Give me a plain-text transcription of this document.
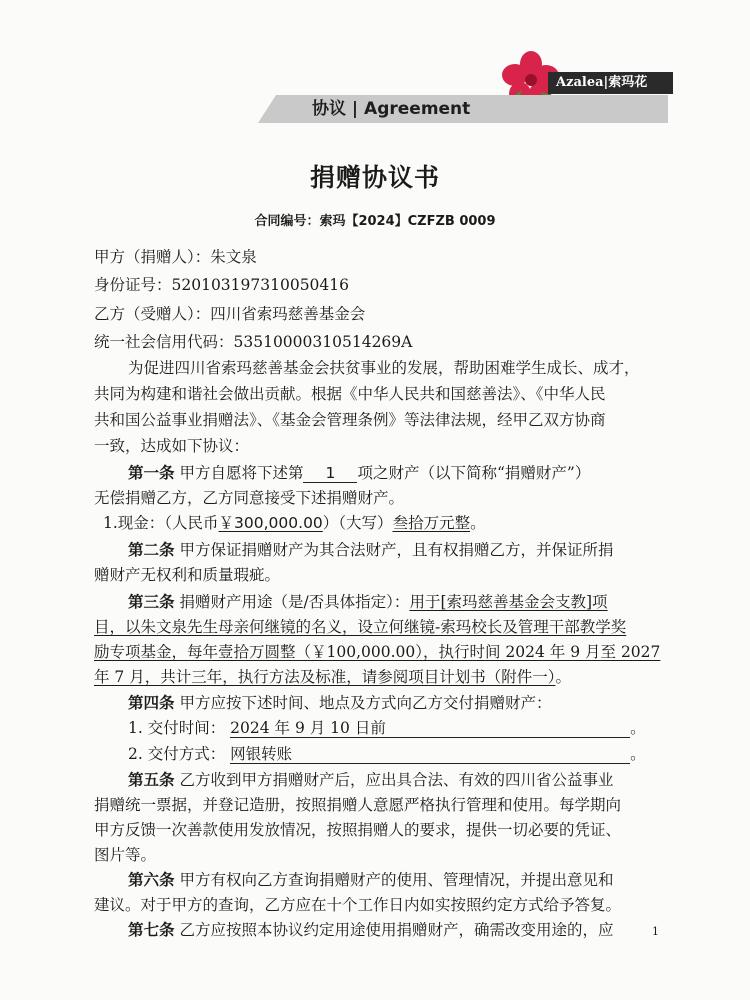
Azalea|索玛花
协议 | Agreement
捐赠协议书
合同编号：索玛【2024】CZFZB 0009
甲方（捐赠人）：朱文泉
身份证号：520103197310050416
乙方（受赠人）：四川省索玛慈善基金会
统一社会信用代码：53510000310514269A
为促进四川省索玛慈善基金会扶贫事业的发展，帮助困难学生成长、成才，
共同为构建和谐社会做出贡献。根据《中华人民共和国慈善法》、《中华人民
共和国公益事业捐赠法》、《基金会管理条例》等法律法规，经甲乙双方协商
一致，达成如下协议：
第一条 甲方自愿将下述第 1 项之财产（以下简称“捐赠财产”）
无偿捐赠乙方，乙方同意接受下述捐赠财产。
1.现金：（人民币￥300,000.00）（大写）叁拾万元整。
第二条 甲方保证捐赠财产为其合法财产，且有权捐赠乙方，并保证所捐
赠财产无权利和质量瑕疵。
第三条 捐赠财产用途（是/否具体指定）：用于[索玛慈善基金会支教]项
目，以朱文泉先生母亲何继镜的名义，设立何继镜-索玛校长及管理干部教学奖
励专项基金，每年壹拾万圆整（￥100,000.00），执行时间 2024 年 9 月至 2027
年 7 月，共计三年，执行方法及标准，请参阅项目计划书（附件一）。
第四条 甲方应按下述时间、地点及方式向乙方交付捐赠财产：
1. 交付时间： 2024 年 9 月 10 日前	。
2. 交付方式： 网银转账	。
第五条 乙方收到甲方捐赠财产后，应出具合法、有效的四川省公益事业
捐赠统一票据，并登记造册，按照捐赠人意愿严格执行管理和使用。每学期向
甲方反馈一次善款使用发放情况，按照捐赠人的要求，提供一切必要的凭证、
图片等。
第六条 甲方有权向乙方查询捐赠财产的使用、管理情况，并提出意见和
建议。对于甲方的查询，乙方应在十个工作日内如实按照约定方式给予答复。
第七条 乙方应按照本协议约定用途使用捐赠财产，确需改变用途的，应	1
